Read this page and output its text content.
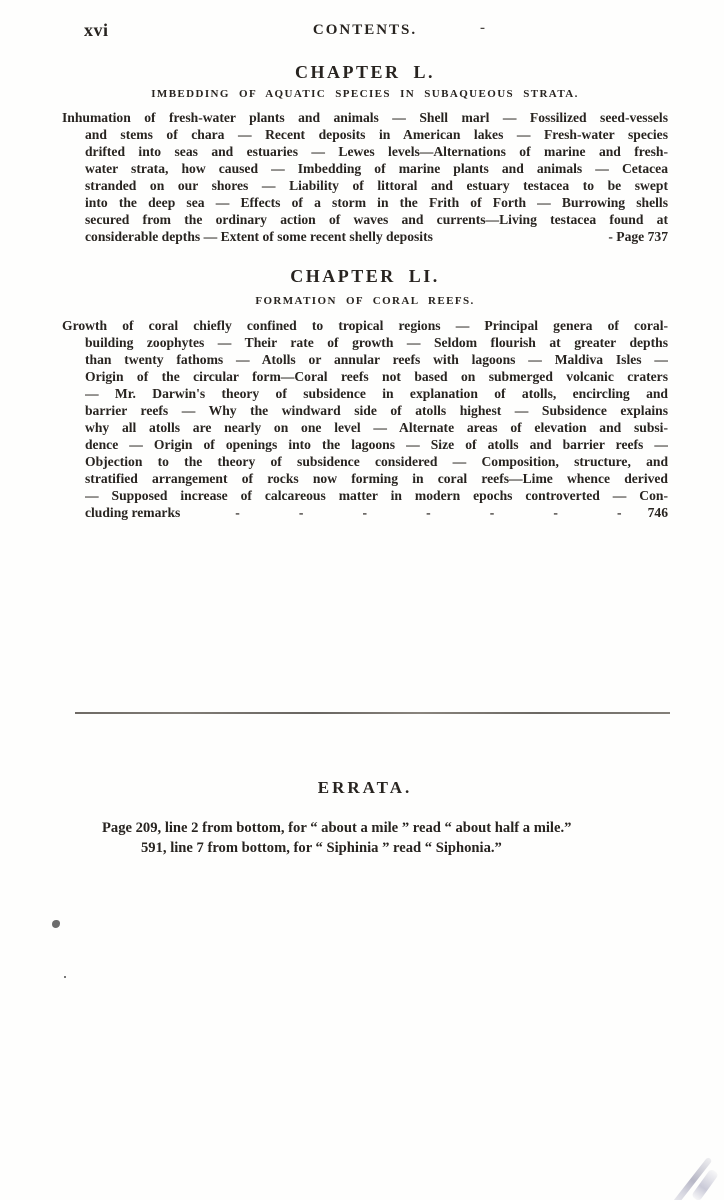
xvi	CONTENTS.	-
CHAPTER L.
IMBEDDING OF AQUATIC SPECIES IN SUBAQUEOUS STRATA.
Inhumation of fresh-water plants and animals — Shell marl — Fossilized seed-vessels
and stems of chara — Recent deposits in American lakes — Fresh-water species
drifted into seas and estuaries — Lewes levels—Alternations of marine and fresh-
water strata, how caused — Imbedding of marine plants and animals — Cetacea
stranded on our shores — Liability of littoral and estuary testacea to be swept
into the deep sea — Effects of a storm in the Frith of Forth — Burrowing shells
secured from the ordinary action of waves and currents—Living testacea found at
considerable depths — Extent of some recent shelly deposits	- Page 737
CHAPTER LI.
FORMATION OF CORAL REEFS.
Growth of coral chiefly confined to tropical regions — Principal genera of coral-
building zoophytes — Their rate of growth — Seldom flourish at greater depths
than twenty fathoms — Atolls or annular reefs with lagoons — Maldiva Isles —
Origin of the circular form—Coral reefs not based on submerged volcanic craters
— Mr. Darwin's theory of subsidence in explanation of atolls, encircling and
barrier reefs — Why the windward side of atolls highest — Subsidence explains
why all atolls are nearly on one level — Alternate areas of elevation and subsi-
dence — Origin of openings into the lagoons — Size of atolls and barrier reefs —
Objection to the theory of subsidence considered — Composition, structure, and
stratified arrangement of rocks now forming in coral reefs—Lime whence derived
— Supposed increase of calcareous matter in modern epochs controverted — Con-
cluding remarks	-	-	-	-	-	-	- 746
ERRATA.
Page 209, line 2 from bottom, for “ about a mile ” read “ about half a mile.”
591, line 7 from bottom, for “ Siphinia ” read “ Siphonia.”
